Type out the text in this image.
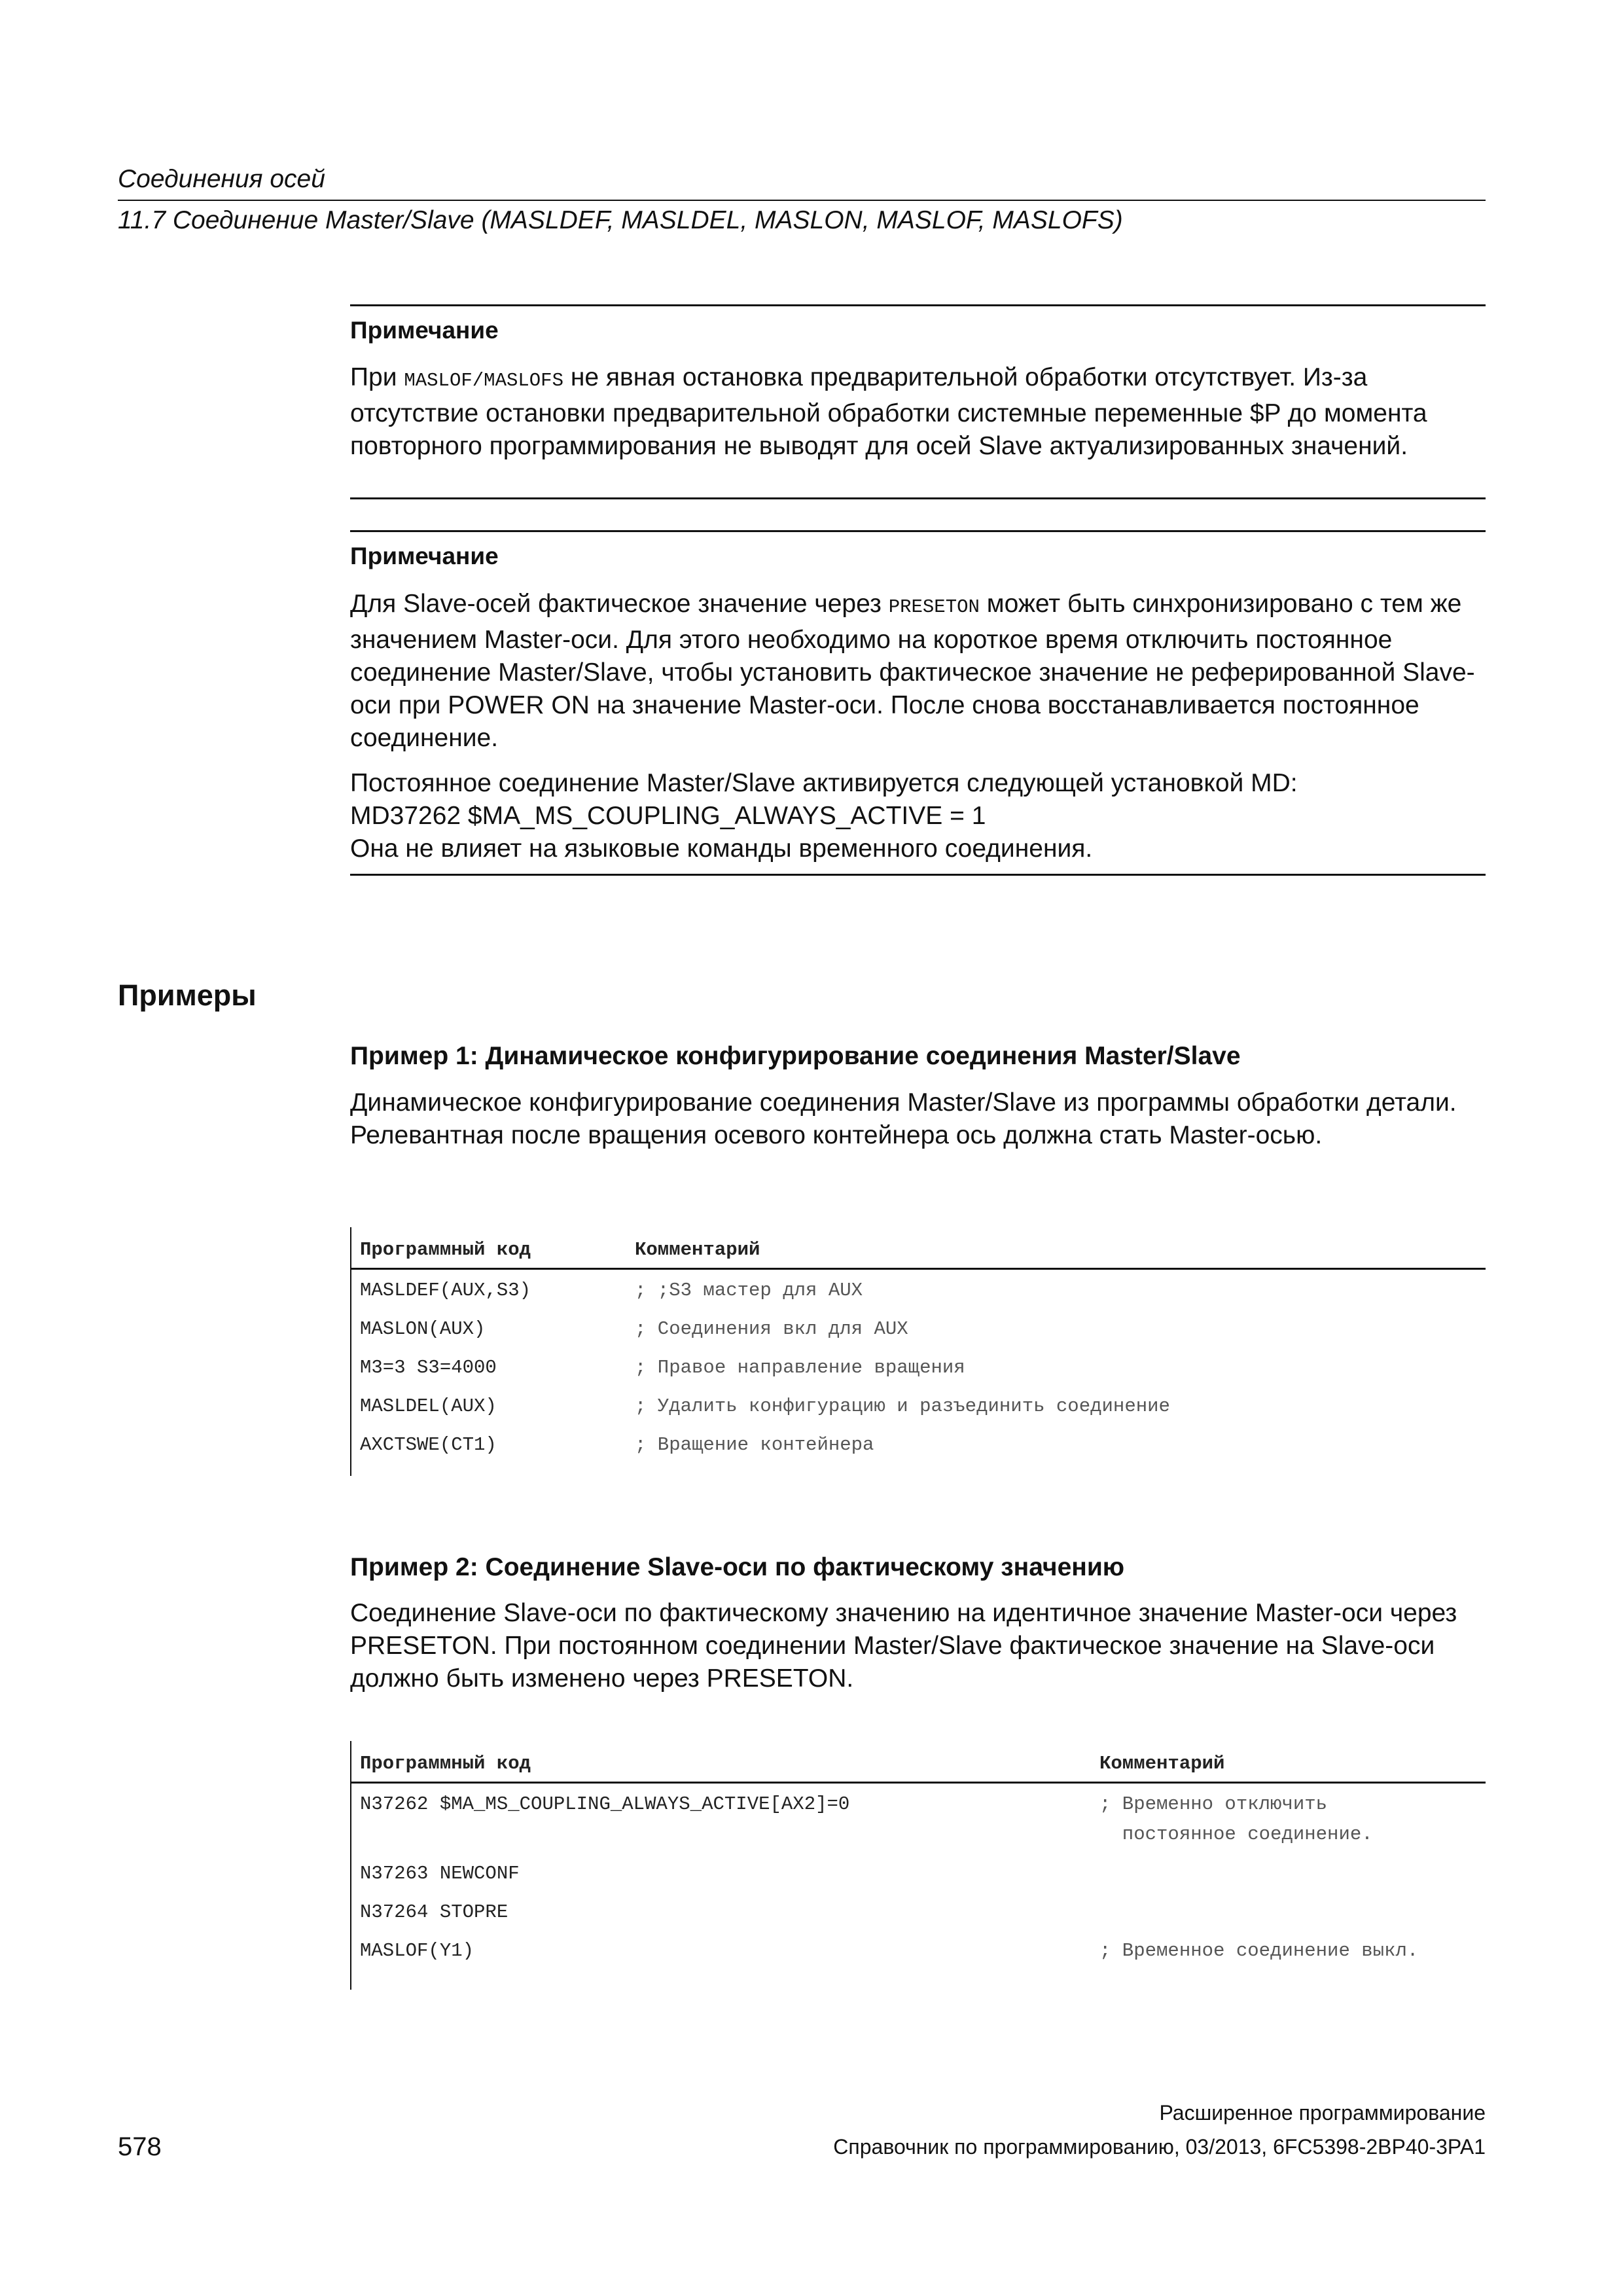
Соединения осей
11.7 Соединение Master/Slave (MASLDEF, MASLDEL, MASLON, MASLOF, MASLOFS)
Примечание

При MASLOF/MASLOFS не явная остановка предварительной обработки отсутствует. Из-за отсутствие остановки предварительной обработки системные переменные $P до момента повторного программирования не выводят для осей Slave актуализированных значений.

Примечание

Для Slave-осей фактическое значение через PRESETON может быть синхронизировано с тем же значением Master-оси. Для этого необходимо на короткое время отключить постоянное соединение Master/Slave, чтобы установить фактическое значение не реферированной Slave-оси при POWER ON на значение Master-оси. После снова восстанавливается постоянное соединение.

Постоянное соединение Master/Slave активируется следующей установкой MD:
MD37262 $MA_MS_COUPLING_ALWAYS_ACTIVE = 1
Она не влияет на языковые команды временного соединения.
Примеры
Пример 1: Динамическое конфигурирование соединения Master/Slave
Динамическое конфигурирование соединения Master/Slave из программы обработки детали.
Релевантная после вращения осевого контейнера ось должна стать Master-осью.
Программный код	Комментарий
MASLDEF(AUX,S3)	; ;S3 мастер для AUX
MASLON(AUX)	; Соединения вкл для AUX
M3=3 S3=4000	; Правое направление вращения
MASLDEL(AUX)	; Удалить конфигурацию и разъединить соединение
AXCTSWE(CT1)	; Вращение контейнера
Пример 2: Соединение Slave-оси по фактическому значению

Соединение Slave-оси по фактическому значению на идентичное значение Master-оси через PRESETON. При постоянном соединении Master/Slave фактическое значение на Slave-оси должно быть изменено через PRESETON.

Программный код	Комментарий
N37262 $MA_MS_COUPLING_ALWAYS_ACTIVE[AX2]=0	; Временно отключить
постоянное соединение.
N37263 NEWCONF
N37264 STOPRE
MASLOF(Y1)	; Временное соединение выкл.
Расширенное программирование
578	Справочник по программированию, 03/2013, 6FC5398-2BP40-3PA1
